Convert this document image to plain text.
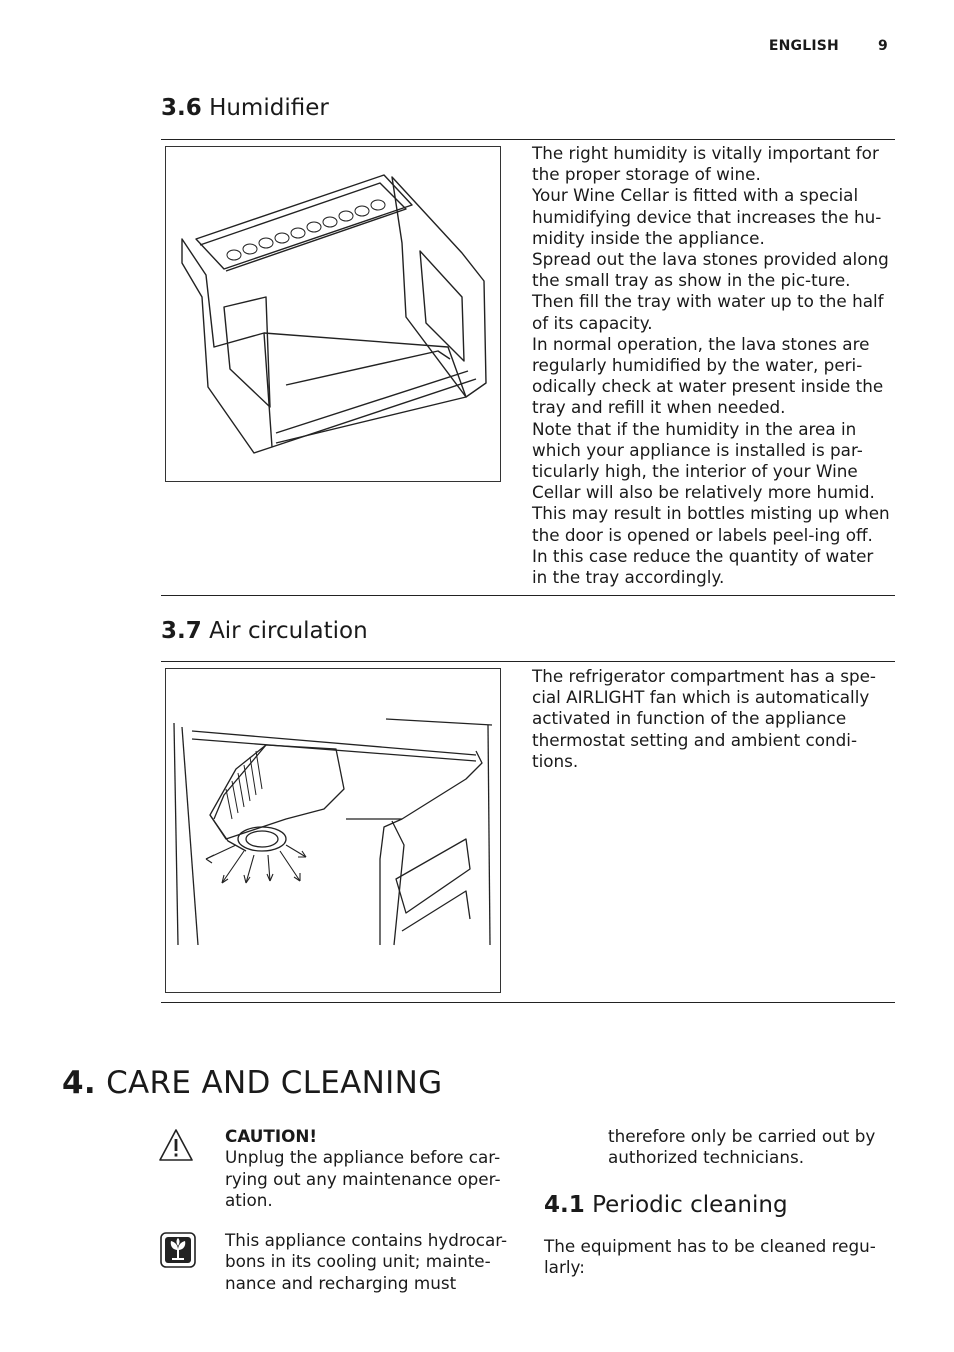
ENGLISH	9
3.6 Humidifier

The right humidity is vitally important for the proper storage of wine.

Your Wine Cellar is fitted with a special humidifying device that increases the hu-midity inside the appliance.

Spread out the lava stones provided along the small tray as show in the pic-ture. Then fill the tray with water up to the half of its capacity.

In normal operation, the lava stones are regularly humidified by the water, peri-odically check at water present inside the tray and refill it when needed.

Note that if the humidity in the area in which your appliance is installed is par-ticularly high, the interior of your Wine Cellar will also be relatively more humid. This may result in bottles misting up when the door is opened or labels peel-ing off. In this case reduce the quantity of water in the tray accordingly.

3.7 Air circulation

The refrigerator compartment has a spe-cial AIRLIGHT fan which is automatically activated in function of the appliance thermostat setting and ambient condi-tions.

4. CARE AND CLEANING
CAUTION!
Unplug the appliance before car-rying out any maintenance oper-ation.
This appliance contains hydrocar-bons in its cooling unit; mainte-nance and recharging must
therefore only be carried out by authorized technicians.
4.1 Periodic cleaning
The equipment has to be cleaned regu-larly:
